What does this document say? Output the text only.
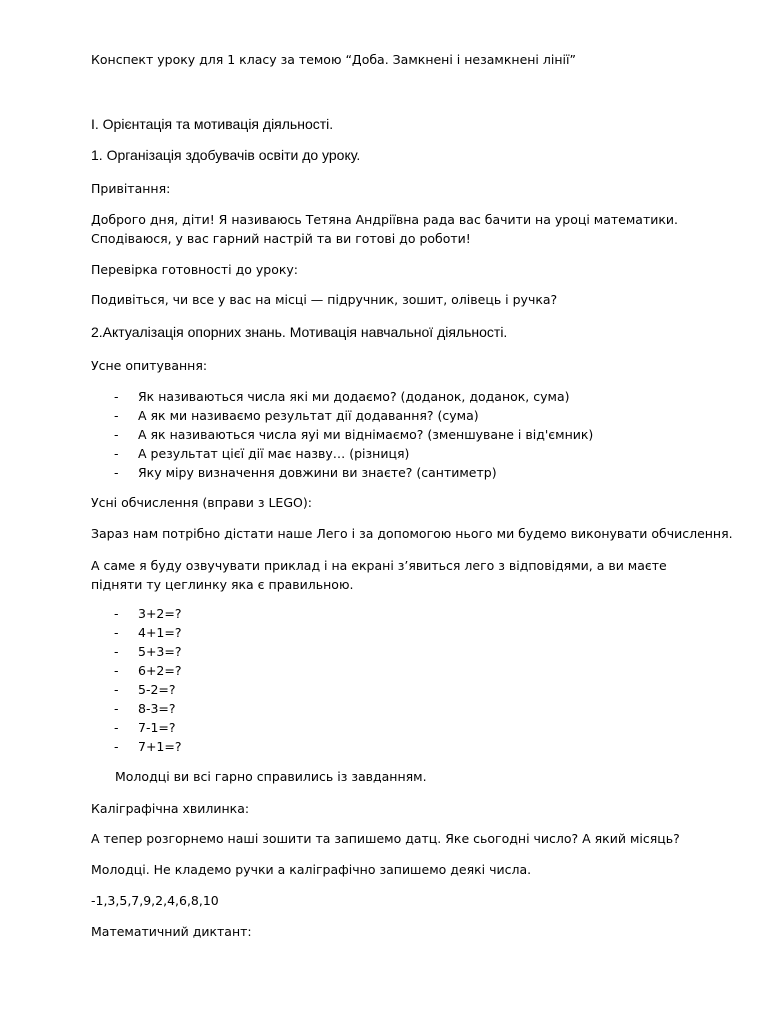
Конспект уроку для 1 класу за темою “Доба. Замкнені і незамкнені лінії”
І. Орієнтація та мотивація діяльності.
1. Організація здобувачів освіти до уроку.
Привітання:
Доброго дня, діти! Я називаюсь Тетяна Андріївна рада вас бачити на уроці математики. Сподіваюся, у вас гарний настрій та ви готові до роботи!
Перевірка готовності до уроку:
Подивіться, чи все у вас на місці — підручник, зошит, олівець і ручка?
2.Актуалізація опорних знань. Мотивація навчальної діяльності.
Усне опитування:
- Як називаються числа які ми додаємо? (доданок, доданок, сума)
- А як ми називаємо результат дії додавання? (сума)
- А як називаються числа яуі ми віднімаємо? (зменшуване і від'ємник)
- А результат цієї дії має назву… (різниця)
- Яку міру визначення довжини ви знаєте? (сантиметр)
Усні обчислення (вправи з LEGO):
Зараз нам потрібно дістати наше Лего і за допомогою нього ми будемо виконувати обчислення.
А саме я буду озвучувати приклад і на екрані з’явиться лего з відповідями, а ви маєте підняти ту цеглинку яка є правильною.
- 3+2=?
- 4+1=?
- 5+3=?
- 6+2=?
- 5-2=?
- 8-3=?
- 7-1=?
- 7+1=?
Молодці ви всі гарно справились із завданням.
Каліграфічна хвилинка:
А тепер розгорнемо наші зошити та запишемо датц. Яке сьогодні число? А який місяць?
Молодці. Не кладемо ручки а каліграфічно запишемо деякі числа.
-1,3,5,7,9,2,4,6,8,10
Математичний диктант:
